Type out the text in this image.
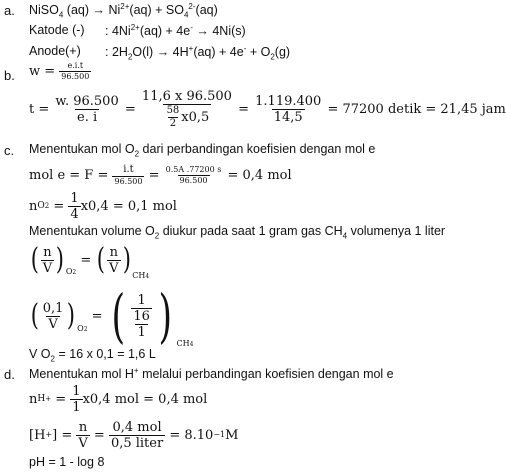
a. NiSO$_4$ $(aq) \to Ni^{2+}(aq) + SO_4^{2-}(aq)$
Katode (-) : $4Ni^{2+}(aq) + 4e^- \to 4Ni(s)$
Anode(+) : $2H_2O(l) \to 4H^+(aq) + 4e^- + O_2(g)$
b. w =
$\frac{e.i.t}{96.500}$
t =
$\frac{w. 96.500}{e. i}$
=
$\frac{11,6 x 96.500}{\frac{58}{2} x0,5}$
=
$\frac{1.119.400}{14,5}$
= 77200 detik = 21,45 jam
c. Menentukan mol $O_2$ dari perbandingan koefisien dengan mol e
mol e = F =
$\frac{i.t}{96.500} = \frac{0.5A .77200 s}{96.500}$
= 0,4 mol
n O $2 = \frac{1}{4} x0,4 = 0,1$ mol
Menentukan volume $O_2$ diukur pada saat 1 gram gas $CH_4$ volumenya 1 liter
( $\frac{n}{V}$ ) O2
= ( $\frac{n}{V}$ ) CH4
( $\frac{0,1}{V}$ ) O2
= ( $\frac{\frac{1}{16}}{1}$ ) CH4
V $O_2 = 16$ x 0,1 = 1,6 L
d. Menentukan mol H+ melalui perbandingan koefisien dengan mol e
n H + = $\frac{1}{1} x0,4$ mol = 0,4 mol
[H + ] =
$\frac{n}{V} = \frac{\text{0,4 mol}}{\text{0,5 liter}}$
= 8.10 −1 M
pH = 1 - log 8
